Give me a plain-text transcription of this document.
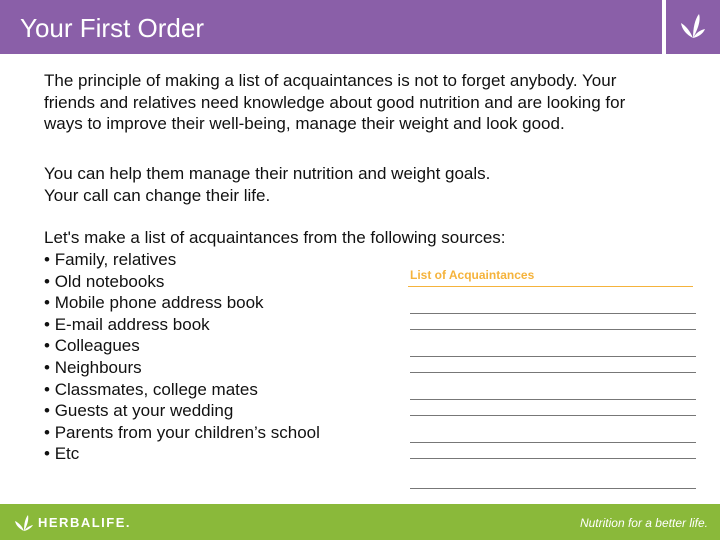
Your First Order
The principle of making a list of acquaintances is not to forget anybody. Your
friends and relatives need knowledge about good nutrition and are looking for
ways to improve their well-being, manage their weight and look good.
You can help them manage their nutrition and weight goals.
Your call can change their life.
Let's make a list of acquaintances from the following sources:
• Family, relatives
• Old notebooks
• Mobile phone address book
• E-mail address book
• Colleagues
• Neighbours
• Classmates, college mates
• Guests at your wedding
• Parents from your children’s school
• Etc
List of Acquaintances
HERBALIFE.	Nutrition for a better life.
